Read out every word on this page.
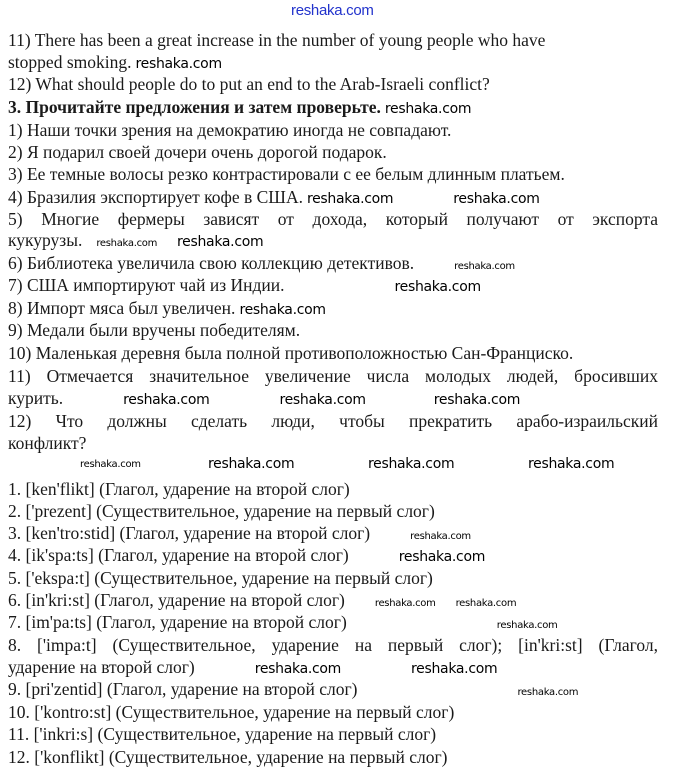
reshaka.com
11) There has been a great increase in the number of young people who have
stopped smoking. reshaka.com
12) What should people do to put an end to the Arab-Israeli conflict?
3. Прочитайте предложения и затем проверьте. reshaka.com
1) Наши точки зрения на демократию иногда не совпадают.
2) Я подарил своей дочери очень дорогой подарок.
3) Ее темные волосы резко контрастировали с ее белым длинным платьем.
4) Бразилия экспортирует кофе в США. reshaka.com	reshaka.com
5) Многие фермеры зависят от дохода, который получают от экспорта
кукурузы. reshaka.com reshaka.com
6) Библиотека увеличила свою коллекцию детективов.	reshaka.com
7) США импортируют чай из Индии.	reshaka.com
8) Импорт мяса был увеличен. reshaka.com
9) Медали были вручены победителям.
10) Маленькая деревня была полной противоположностью Сан-Франциско.
11) Отмечается значительное увеличение числа молодых людей, бросивших
курить.	reshaka.com	reshaka.com	reshaka.com
12) Что должны сделать люди, чтобы прекратить арабо-израильский
конфликт?
reshaka.com	reshaka.com	reshaka.com	reshaka.com
1. [ken'flikt] (Глагол, ударение на второй слог)
2. ['prezent] (Существительное, ударение на первый слог)
3. [ken'tro:stid] (Глагол, ударение на второй слог)	reshaka.com
4. [ik'spa:ts] (Глагол, ударение на второй слог)	reshaka.com
5. ['ekspa:t] (Существительное, ударение на первый слог)
6. [in'kri:st] (Глагол, ударение на второй слог)	reshaka.com reshaka.com
7. [im'pa:ts] (Глагол, ударение на второй слог)	reshaka.com
8. ['impa:t] (Существительное, ударение на первый слог); [in'kri:st] (Глагол,
ударение на второй слог)	reshaka.com	reshaka.com
9. [pri'zentid] (Глагол, ударение на второй слог)	reshaka.com
10. ['kontro:st] (Существительное, ударение на первый слог)
11. ['inkri:s] (Существительное, ударение на первый слог)
12. ['konflikt] (Существительное, ударение на первый слог)
